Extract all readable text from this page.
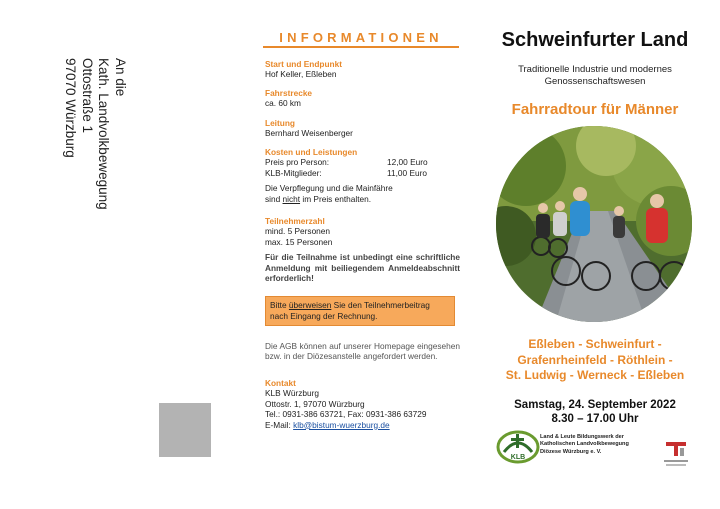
An die
Kath. Landvolkbewegung
Ottostraße 1
97070 Würzburg
INFORMATIONEN
Start und Endpunkt
Hof Keller, Eßleben
Fahrstrecke
ca. 60 km
Leitung
Bernhard Weisenberger
Kosten und Leistungen
Preis pro Person:	12,00 Euro
KLB-Mitglieder:	11,00 Euro
Die Verpflegung und die Mainfähre
sind nicht im Preis enthalten.
Teilnehmerzahl
mind. 5 Personen
max. 15 Personen
Für die Teilnahme ist unbedingt eine schriftliche Anmeldung mit beiliegendem Anmeldeabschnitt erforderlich!
Bitte überweisen Sie den Teilnehmerbeitrag nach Eingang der Rechnung.
Die AGB können auf unserer Homepage eingesehen bzw. in der Diözesanstelle angefordert werden.
Kontakt
KLB Würzburg
Ottostr. 1, 97070 Würzburg
Tel.: 0931-386 63721, Fax: 0931-386 63729
E-Mail: klb@bistum-wuerzburg.de
Schweinfurter Land
Traditionelle Industrie und modernes
Genossenschaftswesen
Fahrradtour für Männer
Eßleben - Schweinfurt -
Grafenrheinfeld - Röthlein -
St. Ludwig - Werneck - Eßleben
Samstag, 24. September 2022
8.30 – 17.00 Uhr
KLB
Land & Leute Bildungswerk der
Katholischen Landvolkbewegung
Diözese Würzburg e. V.
